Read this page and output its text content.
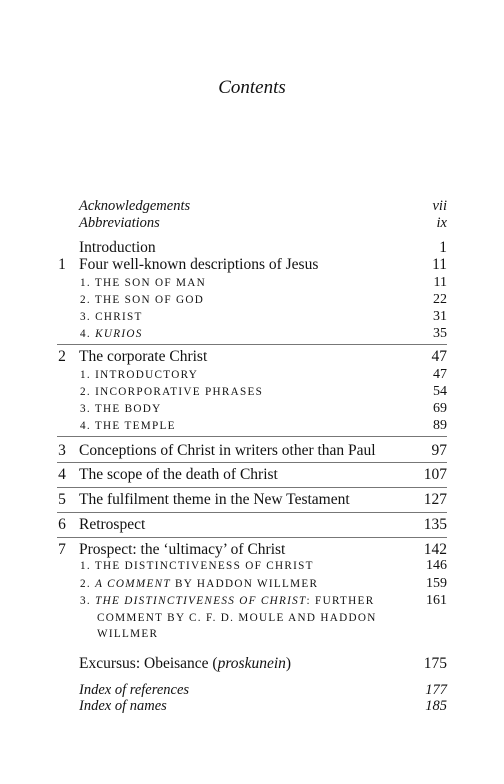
Contents
Acknowledgements	vii
Abbreviations	ix
Introduction	1
1 Four well-known descriptions of Jesus	11
1. THE SON OF MAN	11
2. THE SON OF GOD	22
3. CHRIST	31
4. KURIOS	35
2 The corporate Christ	47
1. INTRODUCTORY	47
2. INCORPORATIVE PHRASES	54
3. THE BODY	69
4. THE TEMPLE	89
3 Conceptions of Christ in writers other than Paul	97
4 The scope of the death of Christ	107
5 The fulfilment theme in the New Testament	127
6 Retrospect	135
7 Prospect: the ‘ultimacy’ of Christ	142
1. THE DISTINCTIVENESS OF CHRIST	146
2. A COMMENT BY HADDON WILLMER	159
3. THE DISTINCTIVENESS OF CHRIST: FURTHER	161
COMMENT BY C. F. D. MOULE AND HADDON
WILLMER
Excursus: Obeisance (proskunein)	175
Index of references	177
Index of names	185
